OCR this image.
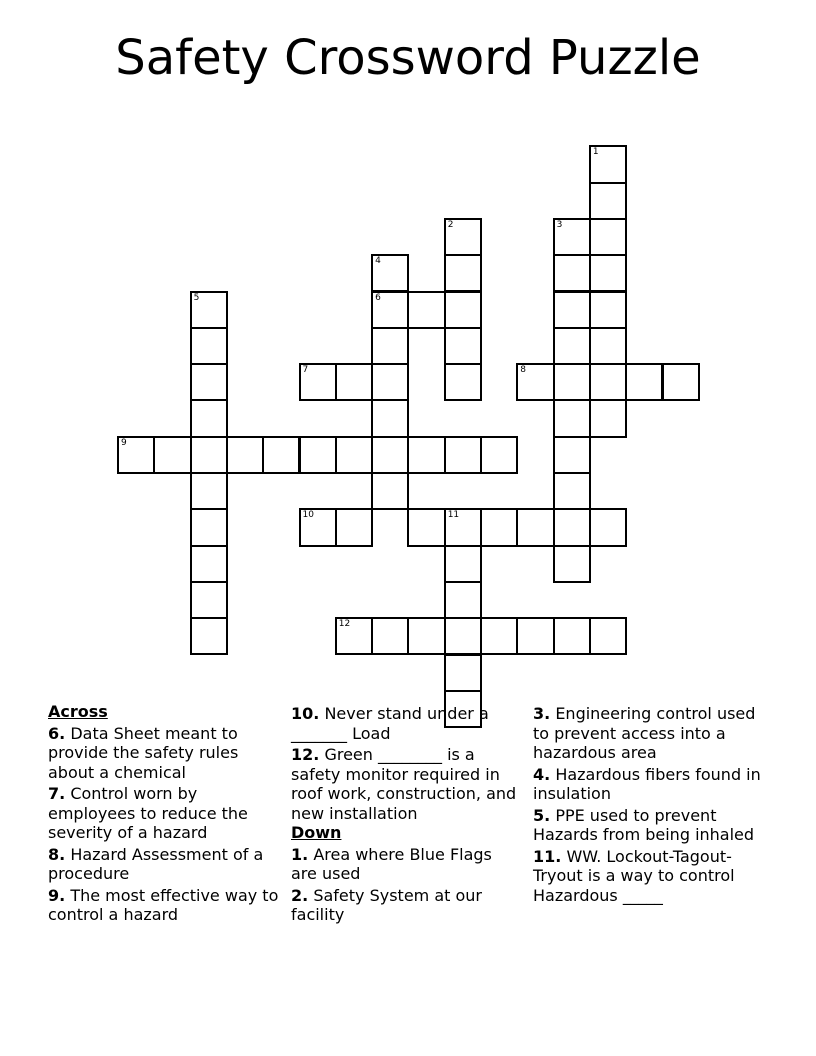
Safety Crossword Puzzle
1
2	3
4
5	6
7	8
9
10	11
12
Across
6. Data Sheet meant to provide the safety rules about a chemical
7. Control worn by employees to reduce the severity of a hazard
8. Hazard Assessment of a procedure
9. The most effective way to control a hazard
10. Never stand under a _______ Load
12. Green ________ is a safety monitor required in roof work, construction, and new installation
Down
1. Area where Blue Flags are used
2. Safety System at our facility
3. Engineering control used to prevent access into a hazardous area
4. Hazardous fibers found in insulation
5. PPE used to prevent Hazards from being inhaled
11. WW. Lockout-Tagout-Tryout is a way to control Hazardous _____
